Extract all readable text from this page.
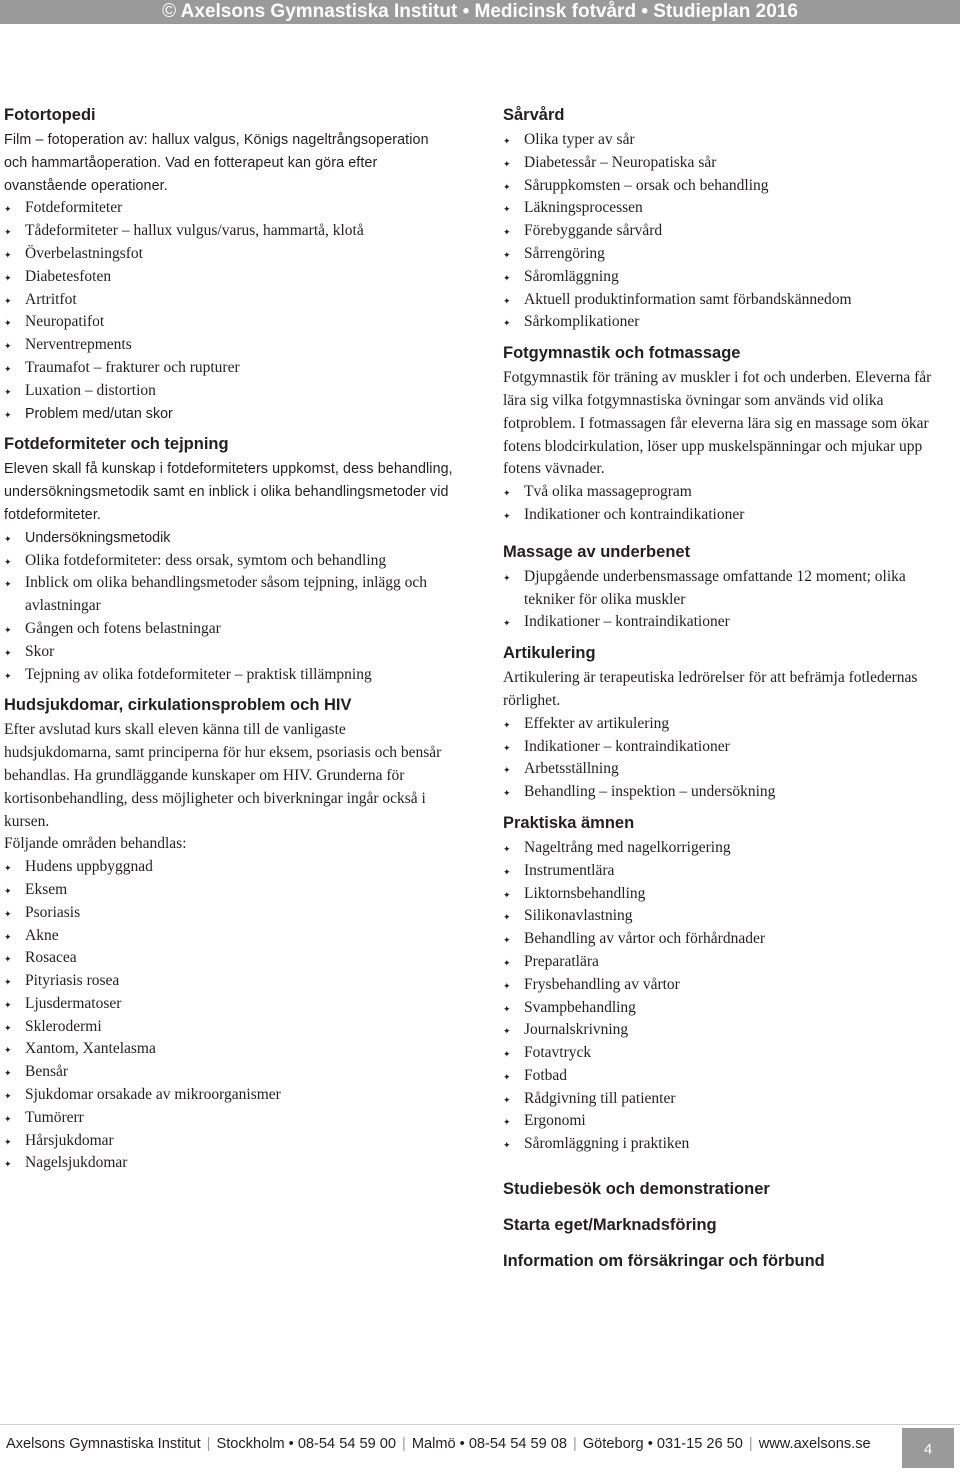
© Axelsons Gymnastiska Institut • Medicinsk fotvård • Studieplan 2016
Fotortopedi

Film – fotoperation av: hallux valgus, Königs nageltrångsoperation och hammartåoperation. Vad en fotterapeut kan göra efter ovanstående operationer.

✦ Fotdeformiteter
✦ Tådeformiteter – hallux vulgus/varus, hammartå, klotå
✦ Överbelastningsfot
✦ Diabetesfoten
✦ Artritfot
✦ Neuropatifot
✦ Nerventrepments
✦ Traumafot – frakturer och rupturer
✦ Luxation – distortion
✦ Problem med/utan skor
Fotdeformiteter och tejpning

Eleven skall få kunskap i fotdeformiteters uppkomst, dess behandling, undersökningsmetodik samt en inblick i olika behandlingsmetoder vid fotdeformiteter.

✦ Undersökningsmetodik
✦ Olika fotdeformiteter: dess orsak, symtom och behandling
✦ Inblick om olika behandlingsmetoder såsom tejpning, inlägg och avlastningar
✦ Gången och fotens belastningar
✦ Skor
✦ Tejpning av olika fotdeformiteter – praktisk tillämpning
Hudsjukdomar, cirkulationsproblem och HIV

Efter avslutad kurs skall eleven känna till de vanligaste hudsjukdomarna, samt principerna för hur eksem, psoriasis och bensår behandlas. Ha grundläggande kunskaper om HIV. Grunderna för kortisonbehandling, dess möjligheter och biverkningar ingår också i kursen.

Följande områden behandlas:

✦ Hudens uppbyggnad
✦ Eksem
✦ Psoriasis
✦ Akne
✦ Rosacea
✦ Pityriasis rosea
✦ Ljusdermatoser
✦ Sklerodermi
✦ Xantom, Xantelasma
✦ Bensår
✦ Sjukdomar orsakade av mikroorganismer
✦ Tumörerr
✦ Hårsjukdomar
✦ Nagelsjukdomar
Sårvård
✦ Olika typer av sår
✦ Diabetessår – Neuropatiska sår
✦ Såruppkomsten – orsak och behandling
✦ Läkningsprocessen
✦ Förebyggande sårvård
✦ Sårrengöring
✦ Såromläggning
✦ Aktuell produktinformation samt förbandskännedom
✦ Sårkomplikationer
Fotgymnastik och fotmassage

Fotgymnastik för träning av muskler i fot och underben. Eleverna får lära sig vilka fotgymnastiska övningar som används vid olika fotproblem. I fotmassagen får eleverna lära sig en massage som ökar fotens blodcirkulation, löser upp muskelspänningar och mjukar upp fotens vävnader.

✦ Två olika massageprogram
✦ Indikationer och kontraindikationer
Massage av underbenet
✦ Djupgående underbensmassage omfattande 12 moment; olika tekniker för olika muskler
✦ Indikationer – kontraindikationer
Artikulering

Artikulering är terapeutiska ledrörelser för att befrämja fotledernas rörlighet.

✦ Effekter av artikulering
✦ Indikationer – kontraindikationer
✦ Arbetsställning
✦ Behandling – inspektion – undersökning
Praktiska ämnen
✦ Nageltrång med nagelkorrigering
✦ Instrumentlära
✦ Liktornsbehandling
✦ Silikonavlastning
✦ Behandling av vårtor och förhårdnader
✦ Preparatlära
✦ Frysbehandling av vårtor
✦ Svampbehandling
✦ Journalskrivning
✦ Fotavtryck
✦ Fotbad
✦ Rådgivning till patienter
✦ Ergonomi
✦ Såromläggning i praktiken
Studiebesök och demonstrationer
Starta eget/Marknadsföring
Information om försäkringar och förbund
Axelsons Gymnastiska Institut | Stockholm • 08-54 54 59 00 | Malmö • 08-54 54 59 08 | Göteborg • 031-15 26 50 | www.axelsons.se	4
